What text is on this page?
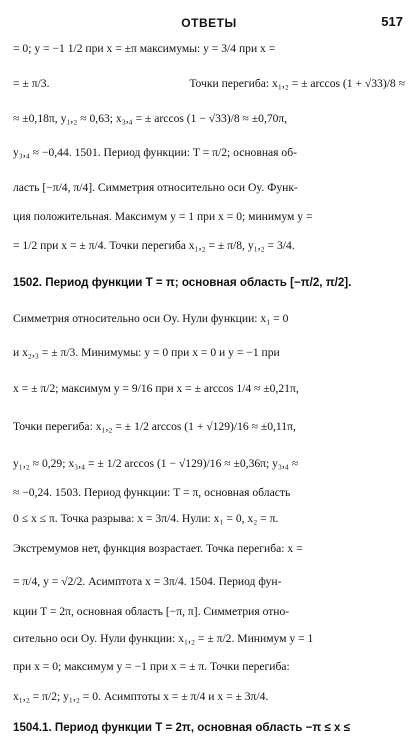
ОТВЕТЫ	517
= 0; y = −1 1/2 при x = ±π максимумы: y = 3/4 при x =
= ± π/3.	Точки перегиба: x₁,₂ = ± arccos (1 + √33)/8 ≈
≈ ±0,18π, y₁,₂ ≈ 0,63; x₃,₄ = ± arccos (1 − √33)/8 ≈ ±0,70π,
y₃,₄ ≈ −0,44. 1501. Период функции: T = π/2; основная об-
ласть [−π/4, π/4]. Симметрия относительно оси Oy. Функ-
ция положительная. Максимум y = 1 при x = 0; минимум y =
= 1/2 при x = ± π/4. Точки перегиба x₁,₂ = ± π/8, y₁,₂ = 3/4.
1502. Период функции T = π; основная область [−π/2, π/2].
Симметрия относительно оси Oy. Нули функции: x₁ = 0
и x₂,₃ = ± π/3. Минимумы: y = 0 при x = 0 и y = −1 при
x = ± π/2; максимум y = 9/16 при x = ± arccos 1/4 ≈ ±0,21π,
Точки перегиба: x₁,₂ = ± 1/2 arccos (1 + √129)/16 ≈ ±0,11π,
y₁,₂ ≈ 0,29; x₃,₄ = ± 1/2 arccos (1 − √129)/16 ≈ ±0,36π; y₃,₄ ≈
≈ −0,24. 1503. Период функции: T = π, основная область
0 ≤ x ≤ π. Точка разрыва: x = 3π/4. Нули: x₁ = 0, x₂ = π.
Экстремумов нет, функция возрастает. Точка перегиба: x =
= π/4, y = √2/2. Асимптота x = 3π/4. 1504. Период фун-
кции T = 2π, основная область [−π, π]. Симметрия отно-
сительно оси Oy. Нули функции: x₁,₂ = ± π/2. Минимум y = 1
при x = 0; максимум y = −1 при x = ± π. Точки перегиба:
x₁,₂ = π/2; y₁,₂ = 0. Асимптоты x = ± π/4 и x = ± 3π/4.
1504.1. Период функции T = 2π, основная область −π ≤ x ≤
